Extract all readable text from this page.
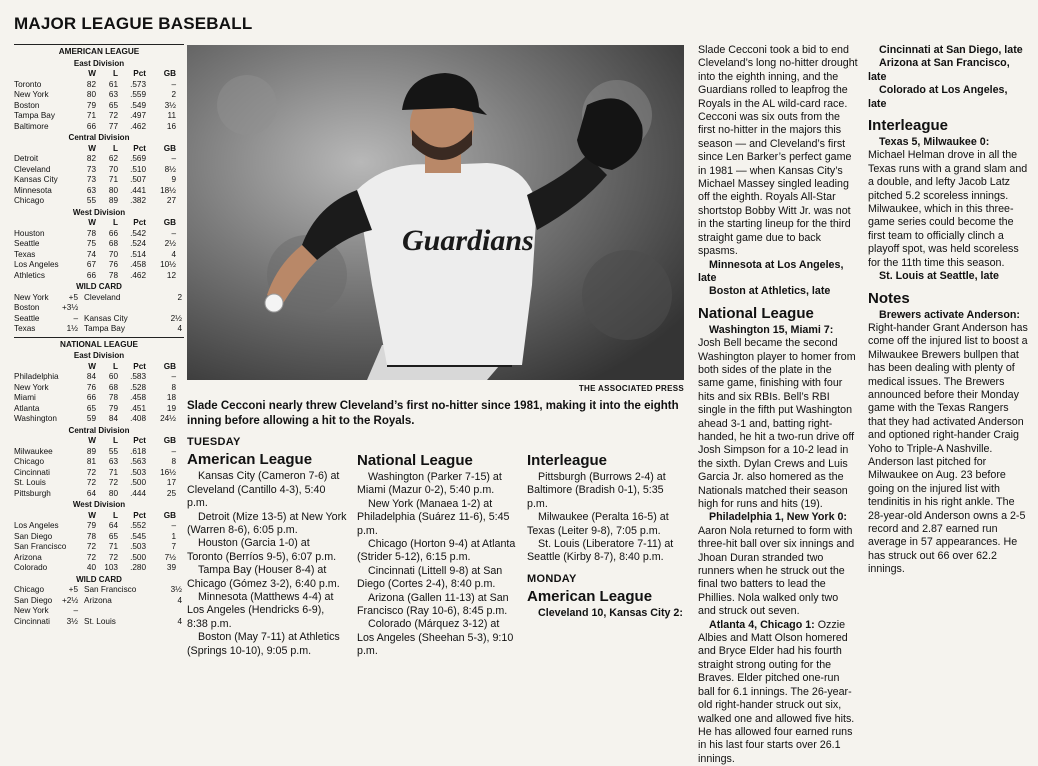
MAJOR LEAGUE BASEBALL
AMERICAN LEAGUE
East Division
W	L	Pct	GB
Toronto	82	61	.573	–
New York	80	63	.559	2
Boston	79	65	.549	3½
Tampa Bay	71	72	.497	11
Baltimore	66	77	.462	16
Central Division
W	L	Pct	GB
Detroit	82	62	.569	–
Cleveland	73	70	.510	8½
Kansas City	73	71	.507	9
Minnesota	63	80	.441	18½
Chicago	55	89	.382	27
West Division
W	L	Pct	GB
Houston	78	66	.542	–
Seattle	75	68	.524	2½
Texas	74	70	.514	4
Los Angeles	67	76	.458	10½
Athletics	66	78	.462	12
WILD CARD
New York	+5 Cleveland	2
Boston	+3½
Seattle	– Kansas City	2½
Texas	1½ Tampa Bay	4
NATIONAL LEAGUE
East Division
W	L	Pct	GB
Philadelphia	84	60	.583	–
New York	76	68	.528	8
Miami	66	78	.458	18
Atlanta	65	79	.451	19
Washington	59	84	.408	24½
Central Division
W	L	Pct	GB
Milwaukee	89	55	.618	–
Chicago	81	63	.563	8
Cincinnati	72	71	.503	16½
St. Louis	72	72	.500	17
Pittsburgh	64	80	.444	25
West Division
W	L	Pct	GB
Los Angeles	79	64	.552	–
San Diego	78	65	.545	1
San Francisco	72	71	.503	7
Arizona	72	72	.500	7½
Colorado	40	103	.280	39
WILD CARD
Chicago	+5 San Francisco	3½
San Diego	+2½ Arizona	4
New York	–
Cincinnati	3½ St. Louis	4
Guardians
THE ASSOCIATED PRESS
Slade Cecconi nearly threw Cleveland’s first no-hitter since 1981, making it into the eighth inning before allowing a hit to the Royals.
TUESDAY
American League

Kansas City (Cameron 7-6) at Cleveland (Cantillo 4-3), 5:40 p.m.

Detroit (Mize 13-5) at New York (Warren 8-6), 6:05 p.m.

Houston (Garcia 1-0) at Toronto (Berríos 9-5), 6:07 p.m.

Tampa Bay (Houser 8-4) at Chicago (Gómez 3-2), 6:40 p.m.

Minnesota (Matthews 4-4) at Los Angeles (Hendricks 6-9), 8:38 p.m.

Boston (May 7-11) at Athletics (Springs 10-10), 9:05 p.m.

National League

Washington (Parker 7-15) at Miami (Mazur 0-2), 5:40 p.m.

New York (Manaea 1-2) at Philadelphia (Suárez 11-6), 5:45 p.m.

Chicago (Horton 9-4) at Atlanta (Strider 5-12), 6:15 p.m.

Cincinnati (Littell 9-8) at San Diego (Cortes 2-4), 8:40 p.m.

Arizona (Gallen 11-13) at San Francisco (Ray 10-6), 8:45 p.m.

Colorado (Márquez 3-12) at Los Angeles (Sheehan 5-3), 9:10 p.m.

Interleague

Pittsburgh (Burrows 2-4) at Baltimore (Bradish 0-1), 5:35 p.m.

Milwaukee (Peralta 16-5) at Texas (Leiter 9-8), 7:05 p.m.

St. Louis (Liberatore 7-11) at Seattle (Kirby 8-7), 8:40 p.m.

MONDAY
American League

Cleveland 10, Kansas City 2:

Slade Cecconi took a bid to end Cleveland’s long no-hitter drought into the eighth inning, and the Guardians rolled to leapfrog the Royals in the AL wild-card race. Cecconi was six outs from the first no-hitter in the majors this season — and Cleveland’s first since Len Barker’s perfect game in 1981 — when Kansas City’s Michael Massey singled leading off the eighth. Royals All-Star shortstop Bobby Witt Jr. was not in the starting lineup for the third straight game due to back spasms.

Minnesota at Los Angeles, late

Boston at Athletics, late

National League

Washington 15, Miami 7: Josh Bell became the second Washington player to homer from both sides of the plate in the same game, finishing with four hits and six RBIs. Bell’s RBI single in the fifth put Washington ahead 3-1 and, batting right-handed, he hit a two-run drive off Josh Simpson for a 10-2 lead in the sixth. Dylan Crews and Luis Garcia Jr. also homered as the Nationals matched their season high for runs and hits (19).

Philadelphia 1, New York 0: Aaron Nola returned to form with three-hit ball over six innings and Jhoan Duran stranded two runners when he struck out the final two batters to lead the Phillies. Nola walked only two and struck out seven.

Atlanta 4, Chicago 1: Ozzie Albies and Matt Olson homered and Bryce Elder had his fourth straight strong outing for the Braves. Elder pitched one-run ball for 6.1 innings. The 26-year-old right-hander struck out six, walked one and allowed five hits. He has allowed four earned runs in his last four starts over 26.1 innings.

Cincinnati at San Diego, late

Arizona at San Francisco, late

Colorado at Los Angeles, late

Interleague

Texas 5, Milwaukee 0: Michael Helman drove in all the Texas runs with a grand slam and a double, and lefty Jacob Latz pitched 5.2 scoreless innings. Milwaukee, which in this three-game series could become the first team to officially clinch a playoff spot, was held scoreless for the 11th time this season.

St. Louis at Seattle, late

Notes

Brewers activate Anderson:

Right-hander Grant Anderson has come off the injured list to boost a Milwaukee Brewers bullpen that has been dealing with plenty of medical issues. The Brewers announced before their Monday game with the Texas Rangers that they had activated Anderson and optioned right-hander Craig Yoho to Triple-A Nashville. Anderson last pitched for Milwaukee on Aug. 23 before going on the injured list with tendinitis in his right ankle. The 28-year-old Anderson owns a 2-5 record and 2.87 earned run average in 57 appearances. He has struck out 66 over 62.2 innings.
